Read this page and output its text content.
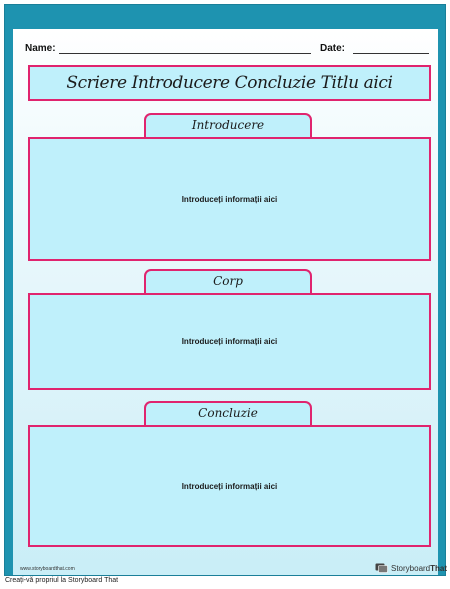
Name:	Date:
Scriere Introducere Concluzie Titlu aici
Introducere
Introduceți informații aici
Corp
Introduceți informații aici
Concluzie
Introduceți informații aici
www.storyboardthat.com	StoryboardThat
Creați-vă propriul la Storyboard That
